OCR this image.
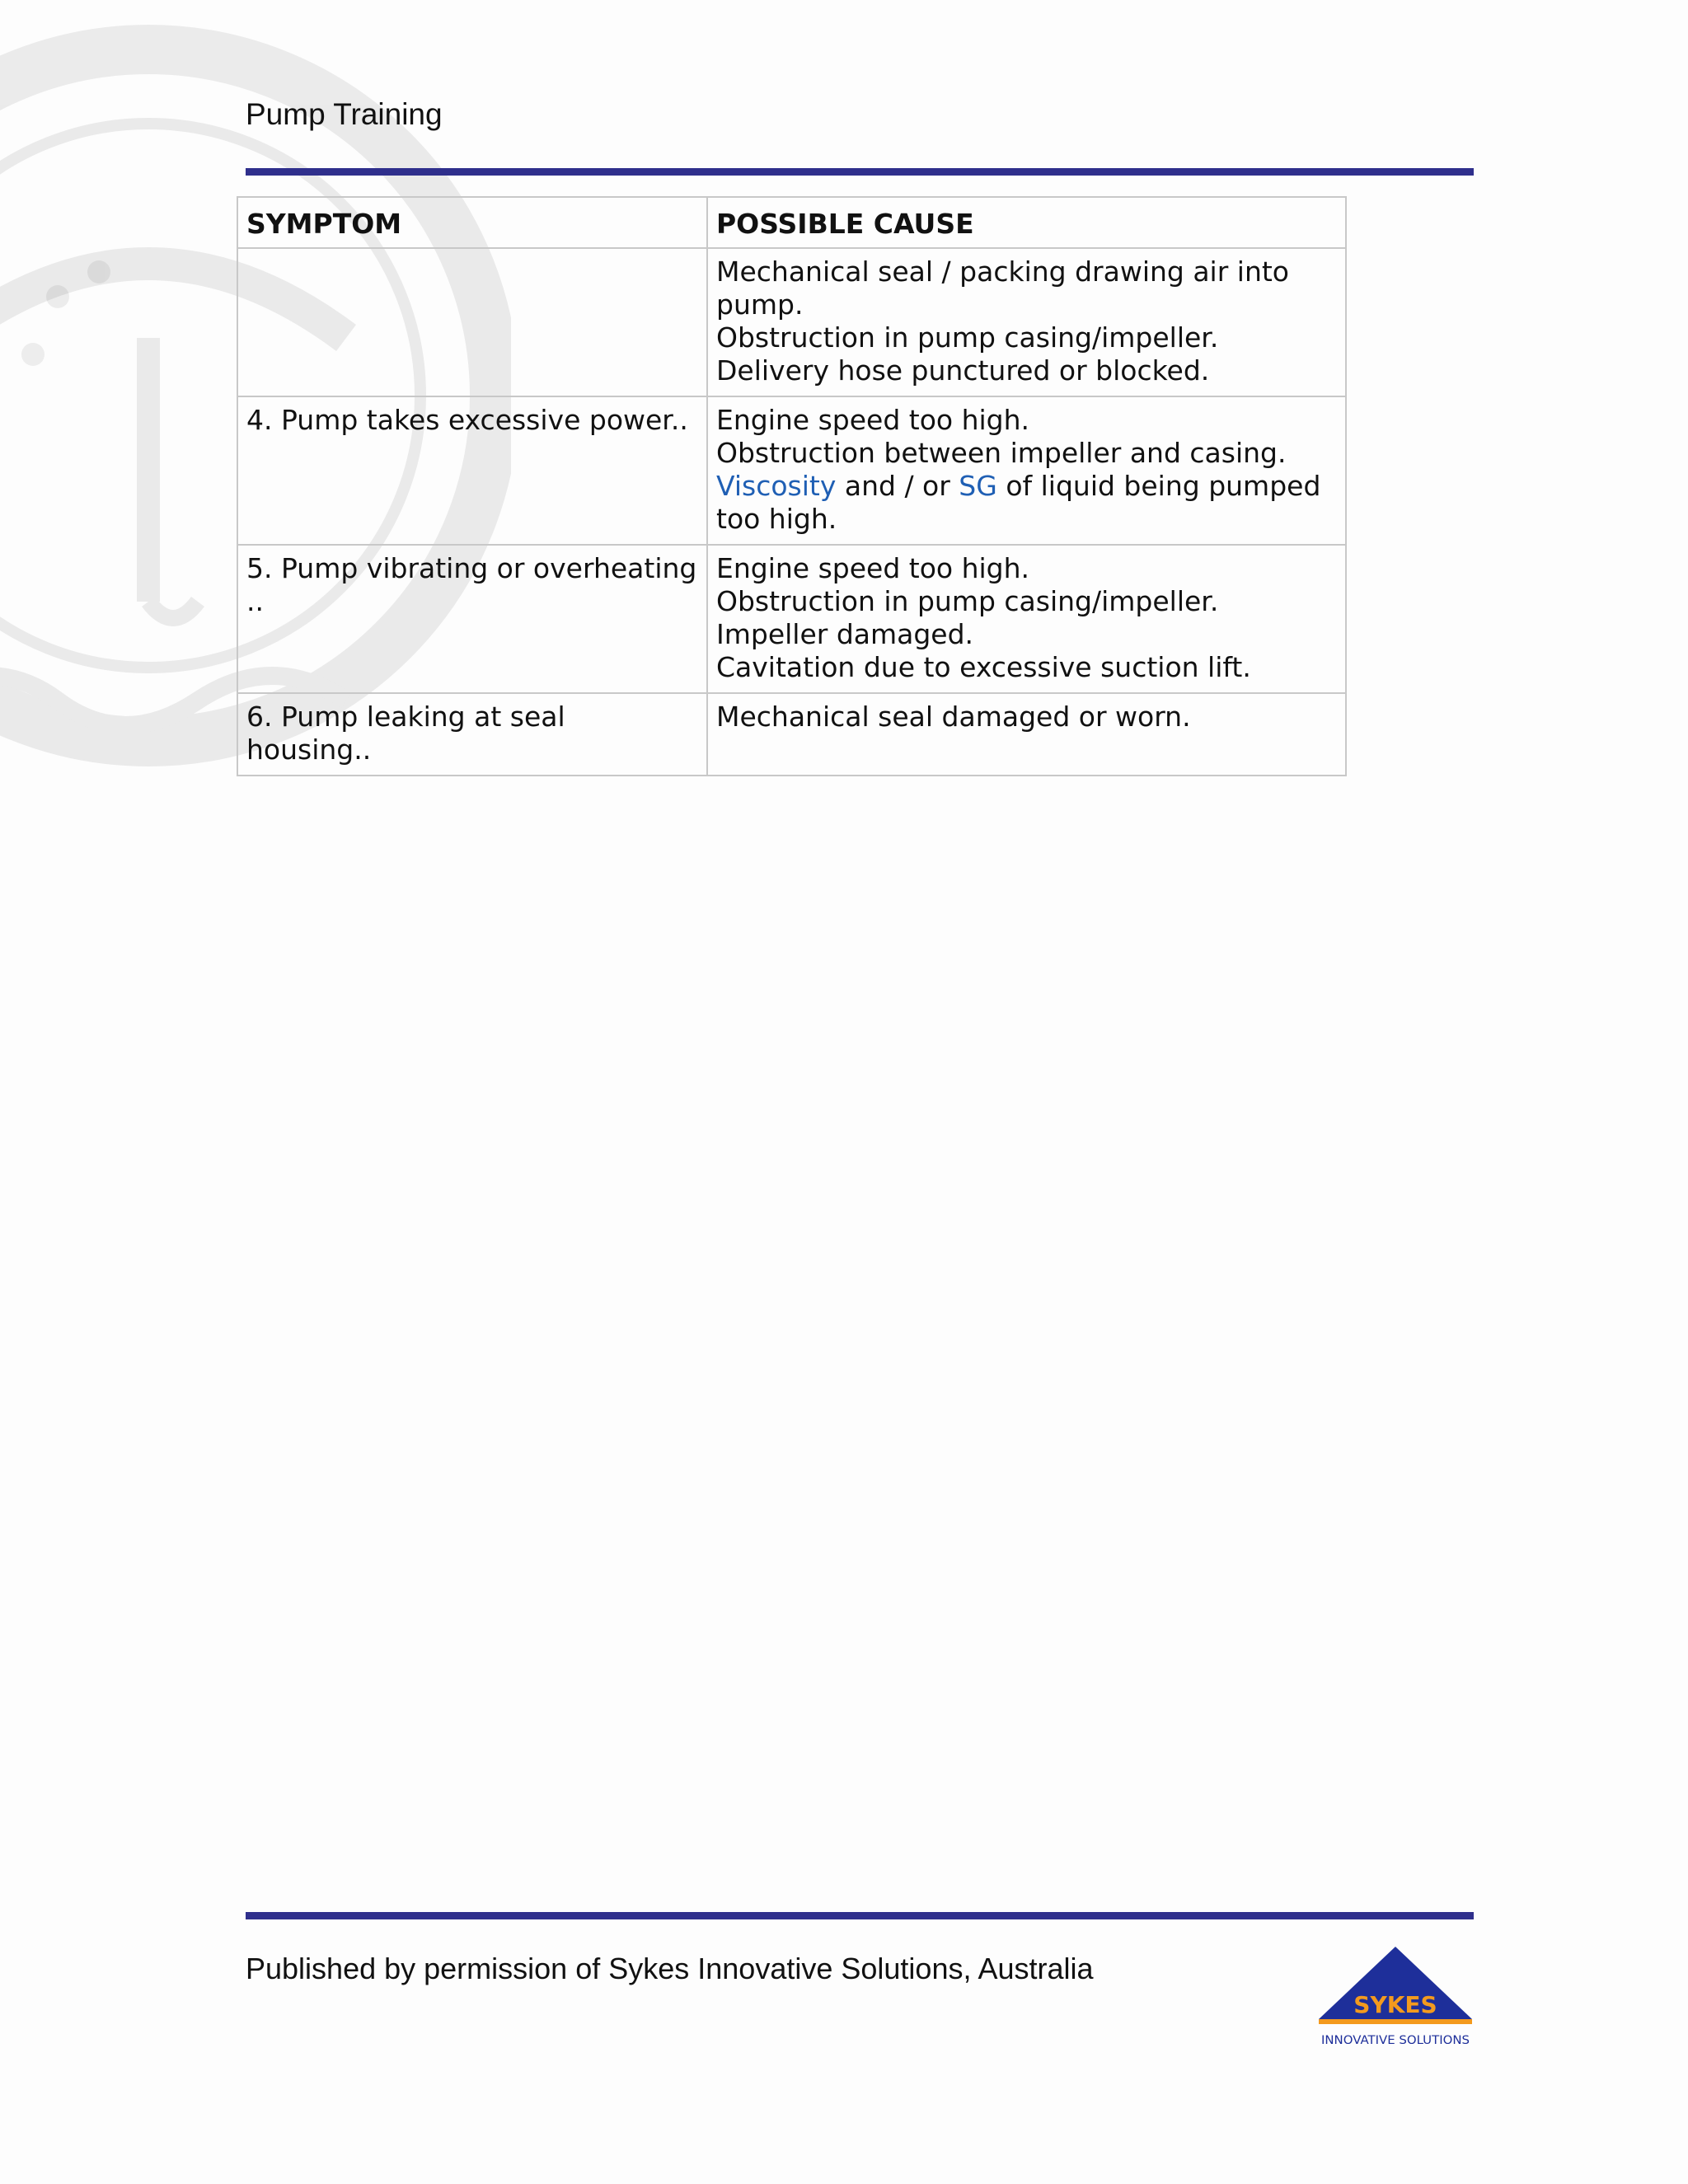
Pump Training
SYMPTOM	POSSIBLE CAUSE

	Mechanical seal / packing drawing air into pump.
Obstruction in pump casing/impeller.
Delivery hose punctured or blocked.

4. Pump takes excessive power..	Engine speed too high.
Obstruction between impeller and casing.
Viscosity and / or SG of liquid being pumped too high.

5. Pump vibrating or overheating ..	Engine speed too high.
Obstruction in pump casing/impeller.
Impeller damaged.
Cavitation due to excessive suction lift.

6. Pump leaking at seal housing..	Mechanical seal damaged or worn.
Published by permission of Sykes Innovative Solutions, Australia
SYKES
INNOVATIVE SOLUTIONS
